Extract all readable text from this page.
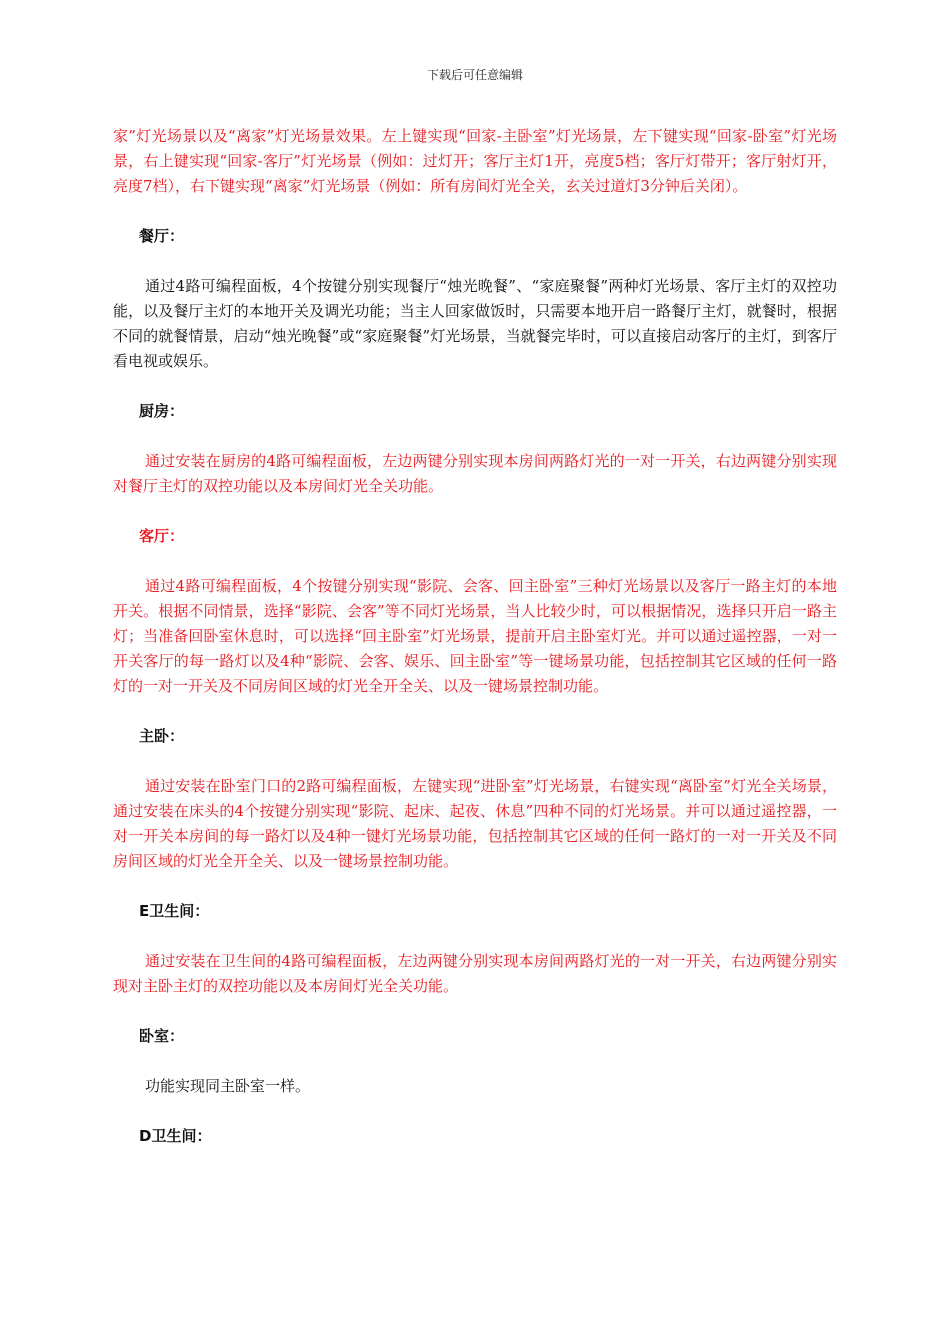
下载后可任意编辑

家”灯光场景以及“离家”灯光场景效果。左上键实现“回家-主卧室”灯光场景，左下键实现“回家-卧室”灯光场景，右上键实现“回家-客厅”灯光场景（例如：过灯开；客厅主灯1开，亮度5档；客厅灯带开；客厅射灯开，亮度7档），右下键实现“离家”灯光场景（例如：所有房间灯光全关，玄关过道灯3分钟后关闭）。

餐厅：

通过4路可编程面板，4个按键分别实现餐厅“烛光晚餐”、“家庭聚餐”两种灯光场景、客厅主灯的双控功能，以及餐厅主灯的本地开关及调光功能；当主人回家做饭时，只需要本地开启一路餐厅主灯，就餐时，根据不同的就餐情景，启动“烛光晚餐”或“家庭聚餐”灯光场景，当就餐完毕时，可以直接启动客厅的主灯，到客厅看电视或娱乐。

厨房：

通过安装在厨房的4路可编程面板，左边两键分别实现本房间两路灯光的一对一开关，右边两键分别实现对餐厅主灯的双控功能以及本房间灯光全关功能。

客厅：

通过4路可编程面板，4个按键分别实现“影院、会客、回主卧室”三种灯光场景以及客厅一路主灯的本地开关。根据不同情景，选择“影院、会客”等不同灯光场景，当人比较少时，可以根据情况，选择只开启一路主灯；当准备回卧室休息时，可以选择“回主卧室”灯光场景，提前开启主卧室灯光。并可以通过遥控器，一对一开关客厅的每一路灯以及4种“影院、会客、娱乐、回主卧室”等一键场景功能，包括控制其它区域的任何一路灯的一对一开关及不同房间区域的灯光全开全关、以及一键场景控制功能。

主卧：

通过安装在卧室门口的2路可编程面板，左键实现“进卧室”灯光场景，右键实现“离卧室”灯光全关场景，通过安装在床头的4个按键分别实现“影院、起床、起夜、休息”四种不同的灯光场景。并可以通过遥控器，一对一开关本房间的每一路灯以及4种一键灯光场景功能，包括控制其它区域的任何一路灯的一对一开关及不同房间区域的灯光全开全关、以及一键场景控制功能。

E卫生间：

通过安装在卫生间的4路可编程面板，左边两键分别实现本房间两路灯光的一对一开关，右边两键分别实现对主卧主灯的双控功能以及本房间灯光全关功能。

卧室：

功能实现同主卧室一样。

D卫生间：
